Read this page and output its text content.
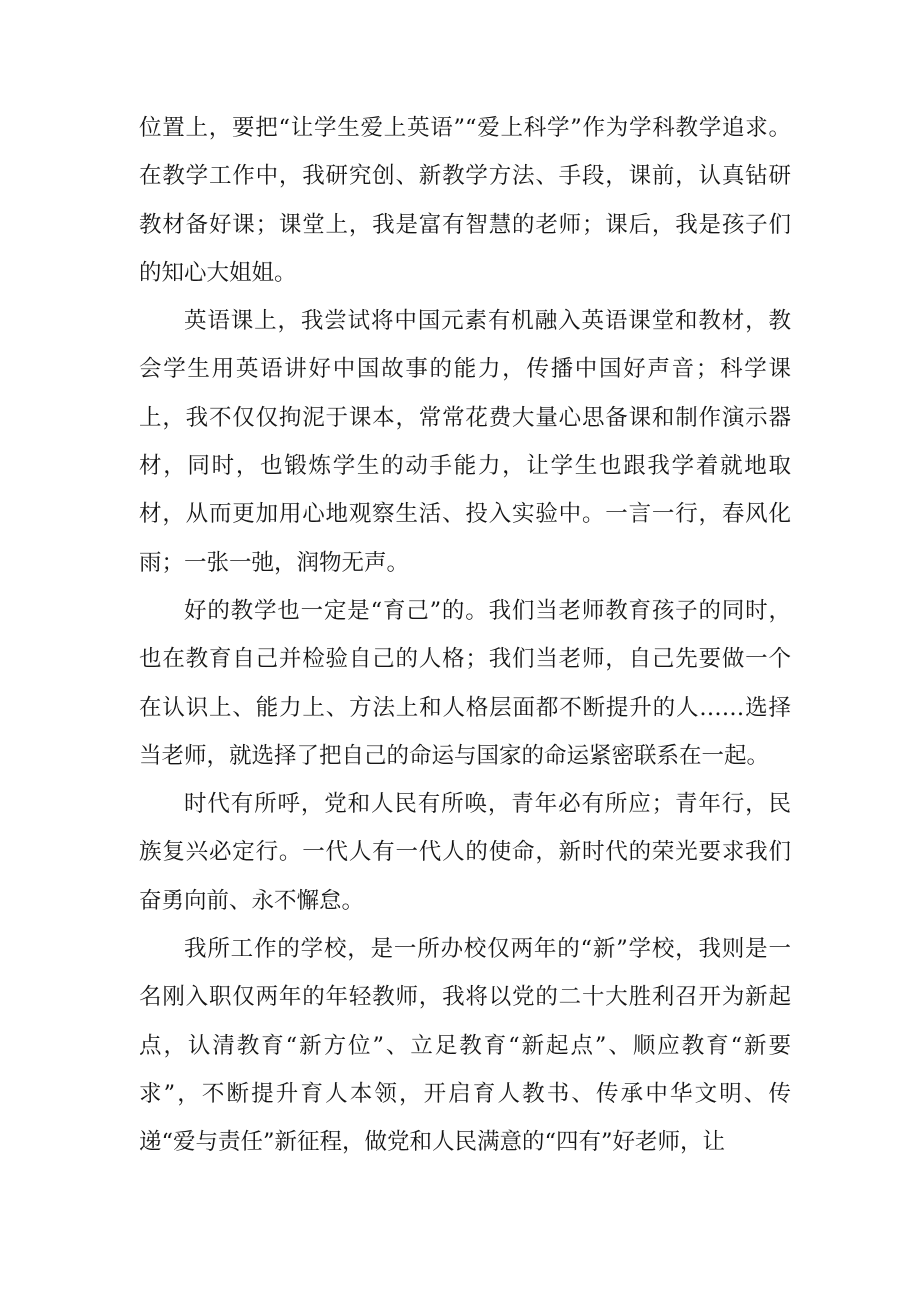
位置上，要把“让学生爱上英语”“爱上科学”作为学科教学追求。在教学工作中，我研究创、新教学方法、手段，课前，认真钻研教材备好课；课堂上，我是富有智慧的老师；课后，我是孩子们的知心大姐姐。

英语课上，我尝试将中国元素有机融入英语课堂和教材，教会学生用英语讲好中国故事的能力，传播中国好声音；科学课上，我不仅仅拘泥于课本，常常花费大量心思备课和制作演示器材，同时，也锻炼学生的动手能力，让学生也跟我学着就地取材，从而更加用心地观察生活、投入实验中。一言一行，春风化雨；一张一弛，润物无声。

好的教学也一定是“育己”的。我们当老师教育孩子的同时，也在教育自己并检验自己的人格；我们当老师，自己先要做一个在认识上、能力上、方法上和人格层面都不断提升的人……选择当老师，就选择了把自己的命运与国家的命运紧密联系在一起。

时代有所呼，党和人民有所唤，青年必有所应；青年行，民族复兴必定行。一代人有一代人的使命，新时代的荣光要求我们奋勇向前、永不懈怠。

我所工作的学校，是一所办校仅两年的“新”学校，我则是一名刚入职仅两年的年轻教师，我将以党的二十大胜利召开为新起点，认清教育“新方位”、立足教育“新起点”、顺应教育“新要求”，不断提升育人本领，开启育人教书、传承中华文明、传递“爱与责任”新征程，做党和人民满意的“四有”好老师，让
